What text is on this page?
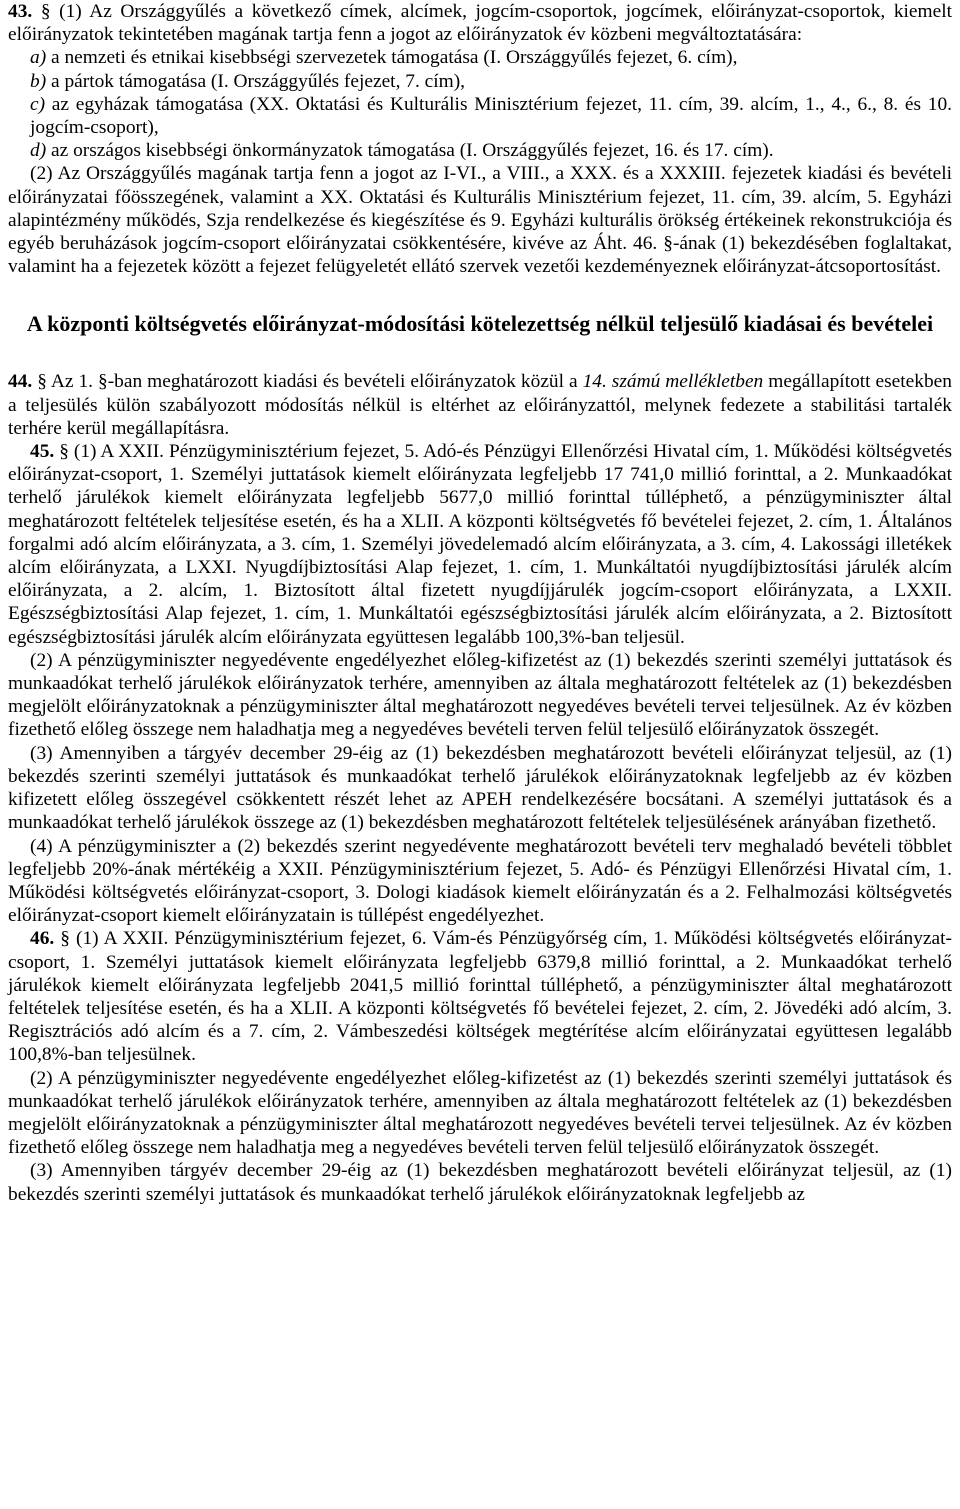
43. § (1) Az Országgyűlés a következő címek, alcímek, jogcím-csoportok, jogcímek, előirányzat-csoportok, kiemelt előirányzatok tekintetében magának tartja fenn a jogot az előirányzatok év közbeni megváltoztatására:

a) a nemzeti és etnikai kisebbségi szervezetek támogatása (I. Országgyűlés fejezet, 6. cím),

b) a pártok támogatása (I. Országgyűlés fejezet, 7. cím),

c) az egyházak támogatása (XX. Oktatási és Kulturális Minisztérium fejezet, 11. cím, 39. alcím, 1., 4., 6., 8. és 10. jogcím-csoport),

d) az országos kisebbségi önkormányzatok támogatása (I. Országgyűlés fejezet, 16. és 17. cím).

(2) Az Országgyűlés magának tartja fenn a jogot az I-VI., a VIII., a XXX. és a XXXIII. fejezetek kiadási és bevételi előirányzatai főösszegének, valamint a XX. Oktatási és Kulturális Minisztérium fejezet, 11. cím, 39. alcím, 5. Egyházi alapintézmény működés, Szja rendelkezése és kiegészítése és 9. Egyházi kulturális örökség értékeinek rekonstrukciója és egyéb beruházások jogcím-csoport előirányzatai csökkentésére, kivéve az Áht. 46. §-ának (1) bekezdésében foglaltakat, valamint ha a fejezetek között a fejezet felügyeletét ellátó szervek vezetői kezdeményeznek előirányzat-átcsoportosítást.

A központi költségvetés előirányzat-módosítási kötelezettség nélkül teljesülő kiadásai és bevételei

44. § Az 1. §-ban meghatározott kiadási és bevételi előirányzatok közül a 14. számú mellékletben megállapított esetekben a teljesülés külön szabályozott módosítás nélkül is eltérhet az előirányzattól, melynek fedezete a stabilitási tartalék terhére kerül megállapításra.

45. § (1) A XXII. Pénzügyminisztérium fejezet, 5. Adó-és Pénzügyi Ellenőrzési Hivatal cím, 1. Működési költségvetés előirányzat-csoport, 1. Személyi juttatások kiemelt előirányzata legfeljebb 17 741,0 millió forinttal, a 2. Munkaadókat terhelő járulékok kiemelt előirányzata legfeljebb 5677,0 millió forinttal túlléphető, a pénzügyminiszter által meghatározott feltételek teljesítése esetén, és ha a XLII. A központi költségvetés fő bevételei fejezet, 2. cím, 1. Általános forgalmi adó alcím előirányzata, a 3. cím, 1. Személyi jövedelemadó alcím előirányzata, a 3. cím, 4. Lakossági illetékek alcím előirányzata, a LXXI. Nyugdíjbiztosítási Alap fejezet, 1. cím, 1. Munkáltatói nyugdíjbiztosítási járulék alcím előirányzata, a 2. alcím, 1. Biztosított által fizetett nyugdíjjárulék jogcím-csoport előirányzata, a LXXII. Egészségbiztosítási Alap fejezet, 1. cím, 1. Munkáltatói egészségbiztosítási járulék alcím előirányzata, a 2. Biztosított egészségbiztosítási járulék alcím előirányzata együttesen legalább 100,3%-ban teljesül.

(2) A pénzügyminiszter negyedévente engedélyezhet előleg-kifizetést az (1) bekezdés szerinti személyi juttatások és munkaadókat terhelő járulékok előirányzatok terhére, amennyiben az általa meghatározott feltételek az (1) bekezdésben megjelölt előirányzatoknak a pénzügyminiszter által meghatározott negyedéves bevételi tervei teljesülnek. Az év közben fizethető előleg összege nem haladhatja meg a negyedéves bevételi terven felül teljesülő előirányzatok összegét.

(3) Amennyiben a tárgyév december 29-éig az (1) bekezdésben meghatározott bevételi előirányzat teljesül, az (1) bekezdés szerinti személyi juttatások és munkaadókat terhelő járulékok előirányzatoknak legfeljebb az év közben kifizetett előleg összegével csökkentett részét lehet az APEH rendelkezésére bocsátani. A személyi juttatások és a munkaadókat terhelő járulékok összege az (1) bekezdésben meghatározott feltételek teljesülésének arányában fizethető.

(4) A pénzügyminiszter a (2) bekezdés szerint negyedévente meghatározott bevételi terv meghaladó bevételi többlet legfeljebb 20%-ának mértékéig a XXII. Pénzügyminisztérium fejezet, 5. Adó- és Pénzügyi Ellenőrzési Hivatal cím, 1. Működési költségvetés előirányzat-csoport, 3. Dologi kiadások kiemelt előirányzatán és a 2. Felhalmozási költségvetés előirányzat-csoport kiemelt előirányzatain is túllépést engedélyezhet.

46. § (1) A XXII. Pénzügyminisztérium fejezet, 6. Vám-és Pénzügyőrség cím, 1. Működési költségvetés előirányzat-csoport, 1. Személyi juttatások kiemelt előirányzata legfeljebb 6379,8 millió forinttal, a 2. Munkaadókat terhelő járulékok kiemelt előirányzata legfeljebb 2041,5 millió forinttal túlléphető, a pénzügyminiszter által meghatározott feltételek teljesítése esetén, és ha a XLII. A központi költségvetés fő bevételei fejezet, 2. cím, 2. Jövedéki adó alcím, 3. Regisztrációs adó alcím és a 7. cím, 2. Vámbeszedési költségek megtérítése alcím előirányzatai együttesen legalább 100,8%-ban teljesülnek.

(2) A pénzügyminiszter negyedévente engedélyezhet előleg-kifizetést az (1) bekezdés szerinti személyi juttatások és munkaadókat terhelő járulékok előirányzatok terhére, amennyiben az általa meghatározott feltételek az (1) bekezdésben megjelölt előirányzatoknak a pénzügyminiszter által meghatározott negyedéves bevételi tervei teljesülnek. Az év közben fizethető előleg összege nem haladhatja meg a negyedéves bevételi terven felül teljesülő előirányzatok összegét.

(3) Amennyiben tárgyév december 29-éig az (1) bekezdésben meghatározott bevételi előirányzat teljesül, az (1) bekezdés szerinti személyi juttatások és munkaadókat terhelő járulékok előirányzatoknak legfeljebb az
